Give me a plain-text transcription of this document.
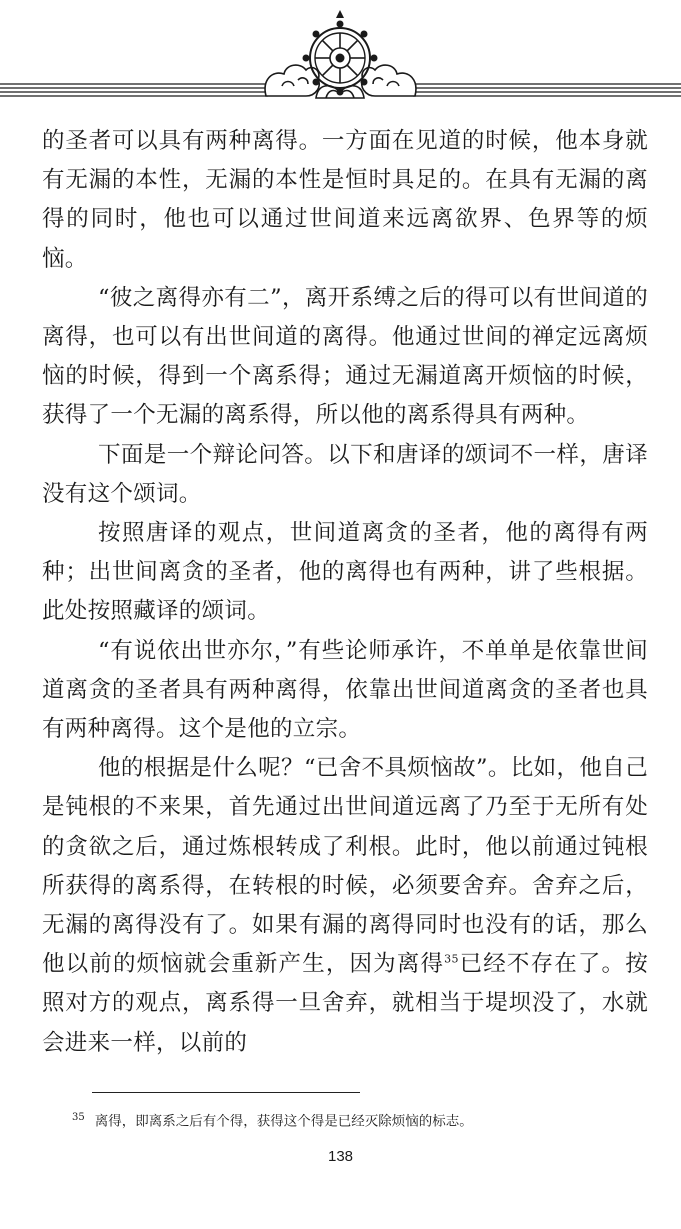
的圣者可以具有两种离得。一方面在见道的时候，他本身就有无漏的本性，无漏的本性是恒时具足的。在具有无漏的离得的同时，他也可以通过世间道来远离欲界、色界等的烦恼。

“彼之离得亦有二”，离开系缚之后的得可以有世间道的离得，也可以有出世间道的离得。他通过世间的禅定远离烦恼的时候，得到一个离系得；通过无漏道离开烦恼的时候，获得了一个无漏的离系得，所以他的离系得具有两种。

下面是一个辩论问答。以下和唐译的颂词不一样，唐译没有这个颂词。

按照唐译的观点，世间道离贪的圣者，他的离得有两种；出世间离贪的圣者，他的离得也有两种，讲了些根据。此处按照藏译的颂词。

“有说依出世亦尔，”有些论师承许，不单单是依靠世间道离贪的圣者具有两种离得，依靠出世间道离贪的圣者也具有两种离得。这个是他的立宗。

他的根据是什么呢？“已舍不具烦恼故”。比如，他自己是钝根的不来果，首先通过出世间道远离了乃至于无所有处的贪欲之后，通过炼根转成了利根。此时，他以前通过钝根所获得的离系得，在转根的时候，必须要舍弃。舍弃之后，无漏的离得没有了。如果有漏的离得同时也没有的话，那么他以前的烦恼就会重新产生，因为离得$^{35}$已经不存在了。按照对方的观点，离系得一旦舍弃，就相当于堤坝没了，水就会进来一样，以前的

$^{35}$ 离得，即离系之后有个得，获得这个得是已经灭除烦恼的标志。
138
